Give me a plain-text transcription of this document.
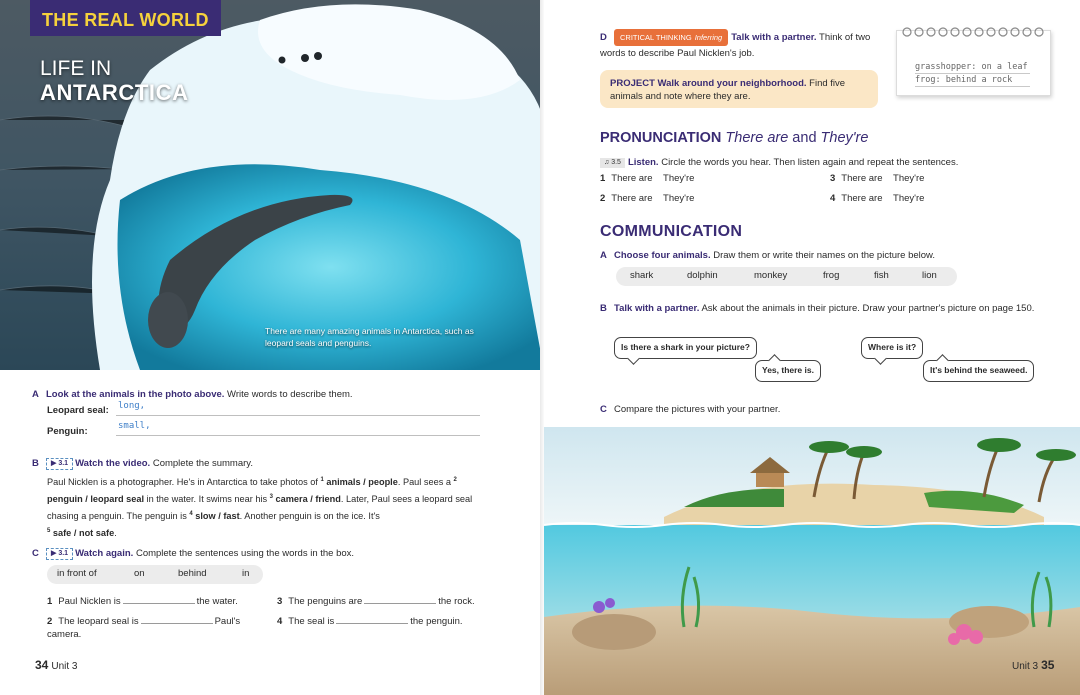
THE REAL WORLD
LIFE IN
ANTARCTICA
There are many amazing animals in Antarctica, such as leopard seals and penguins.
A Look at the animals in the photo above. Write words to describe them.
Leopard seal: long,
Penguin:	small,
B ▶ 3.1 Watch the video. Complete the summary.
Paul Nicklen is a photographer. He's in Antarctica to take photos of $^1$ animals / people. Paul sees a $^2$ penguin / leopard seal in the water. It swims near his $^3$ camera / friend. Later, Paul sees a leopard seal chasing a penguin. The penguin is $^4$ slow / fast. Another penguin is on the ice. It's
$^5$ safe / not safe.
C ▶ 3.1 Watch again. Complete the sentences using the words in the box.
in front of	on	behind	in
1 Paul Nicklen is	the water.
2 The leopard seal is	Paul's camera.
3 The penguins are	the rock.
4 The seal is	the penguin.
34 Unit 3
D CRITICAL THINKING Inferring Talk with a partner. Think of two words to describe Paul Nicklen's job.
PROJECT Walk around your neighborhood. Find five animals and note where they are.
grasshopper: on a leaf
frog: behind a rock
PRONUNCIATION There are and They're
♫ 3.5 Listen. Circle the words you hear. Then listen again and repeat the sentences.
1 There are They're
2 There are They're
3 There are They're
4 There are They're
COMMUNICATION
A Choose four animals. Draw them or write their names on the picture below.
shark	dolphin	monkey	frog	fish	lion
B Talk with a partner. Ask about the animals in their picture. Draw your partner's picture on page 150.
Is there a shark in your picture?
Yes, there is.
Where is it?
It's behind the seaweed.
C Compare the pictures with your partner.
Unit 3 35
